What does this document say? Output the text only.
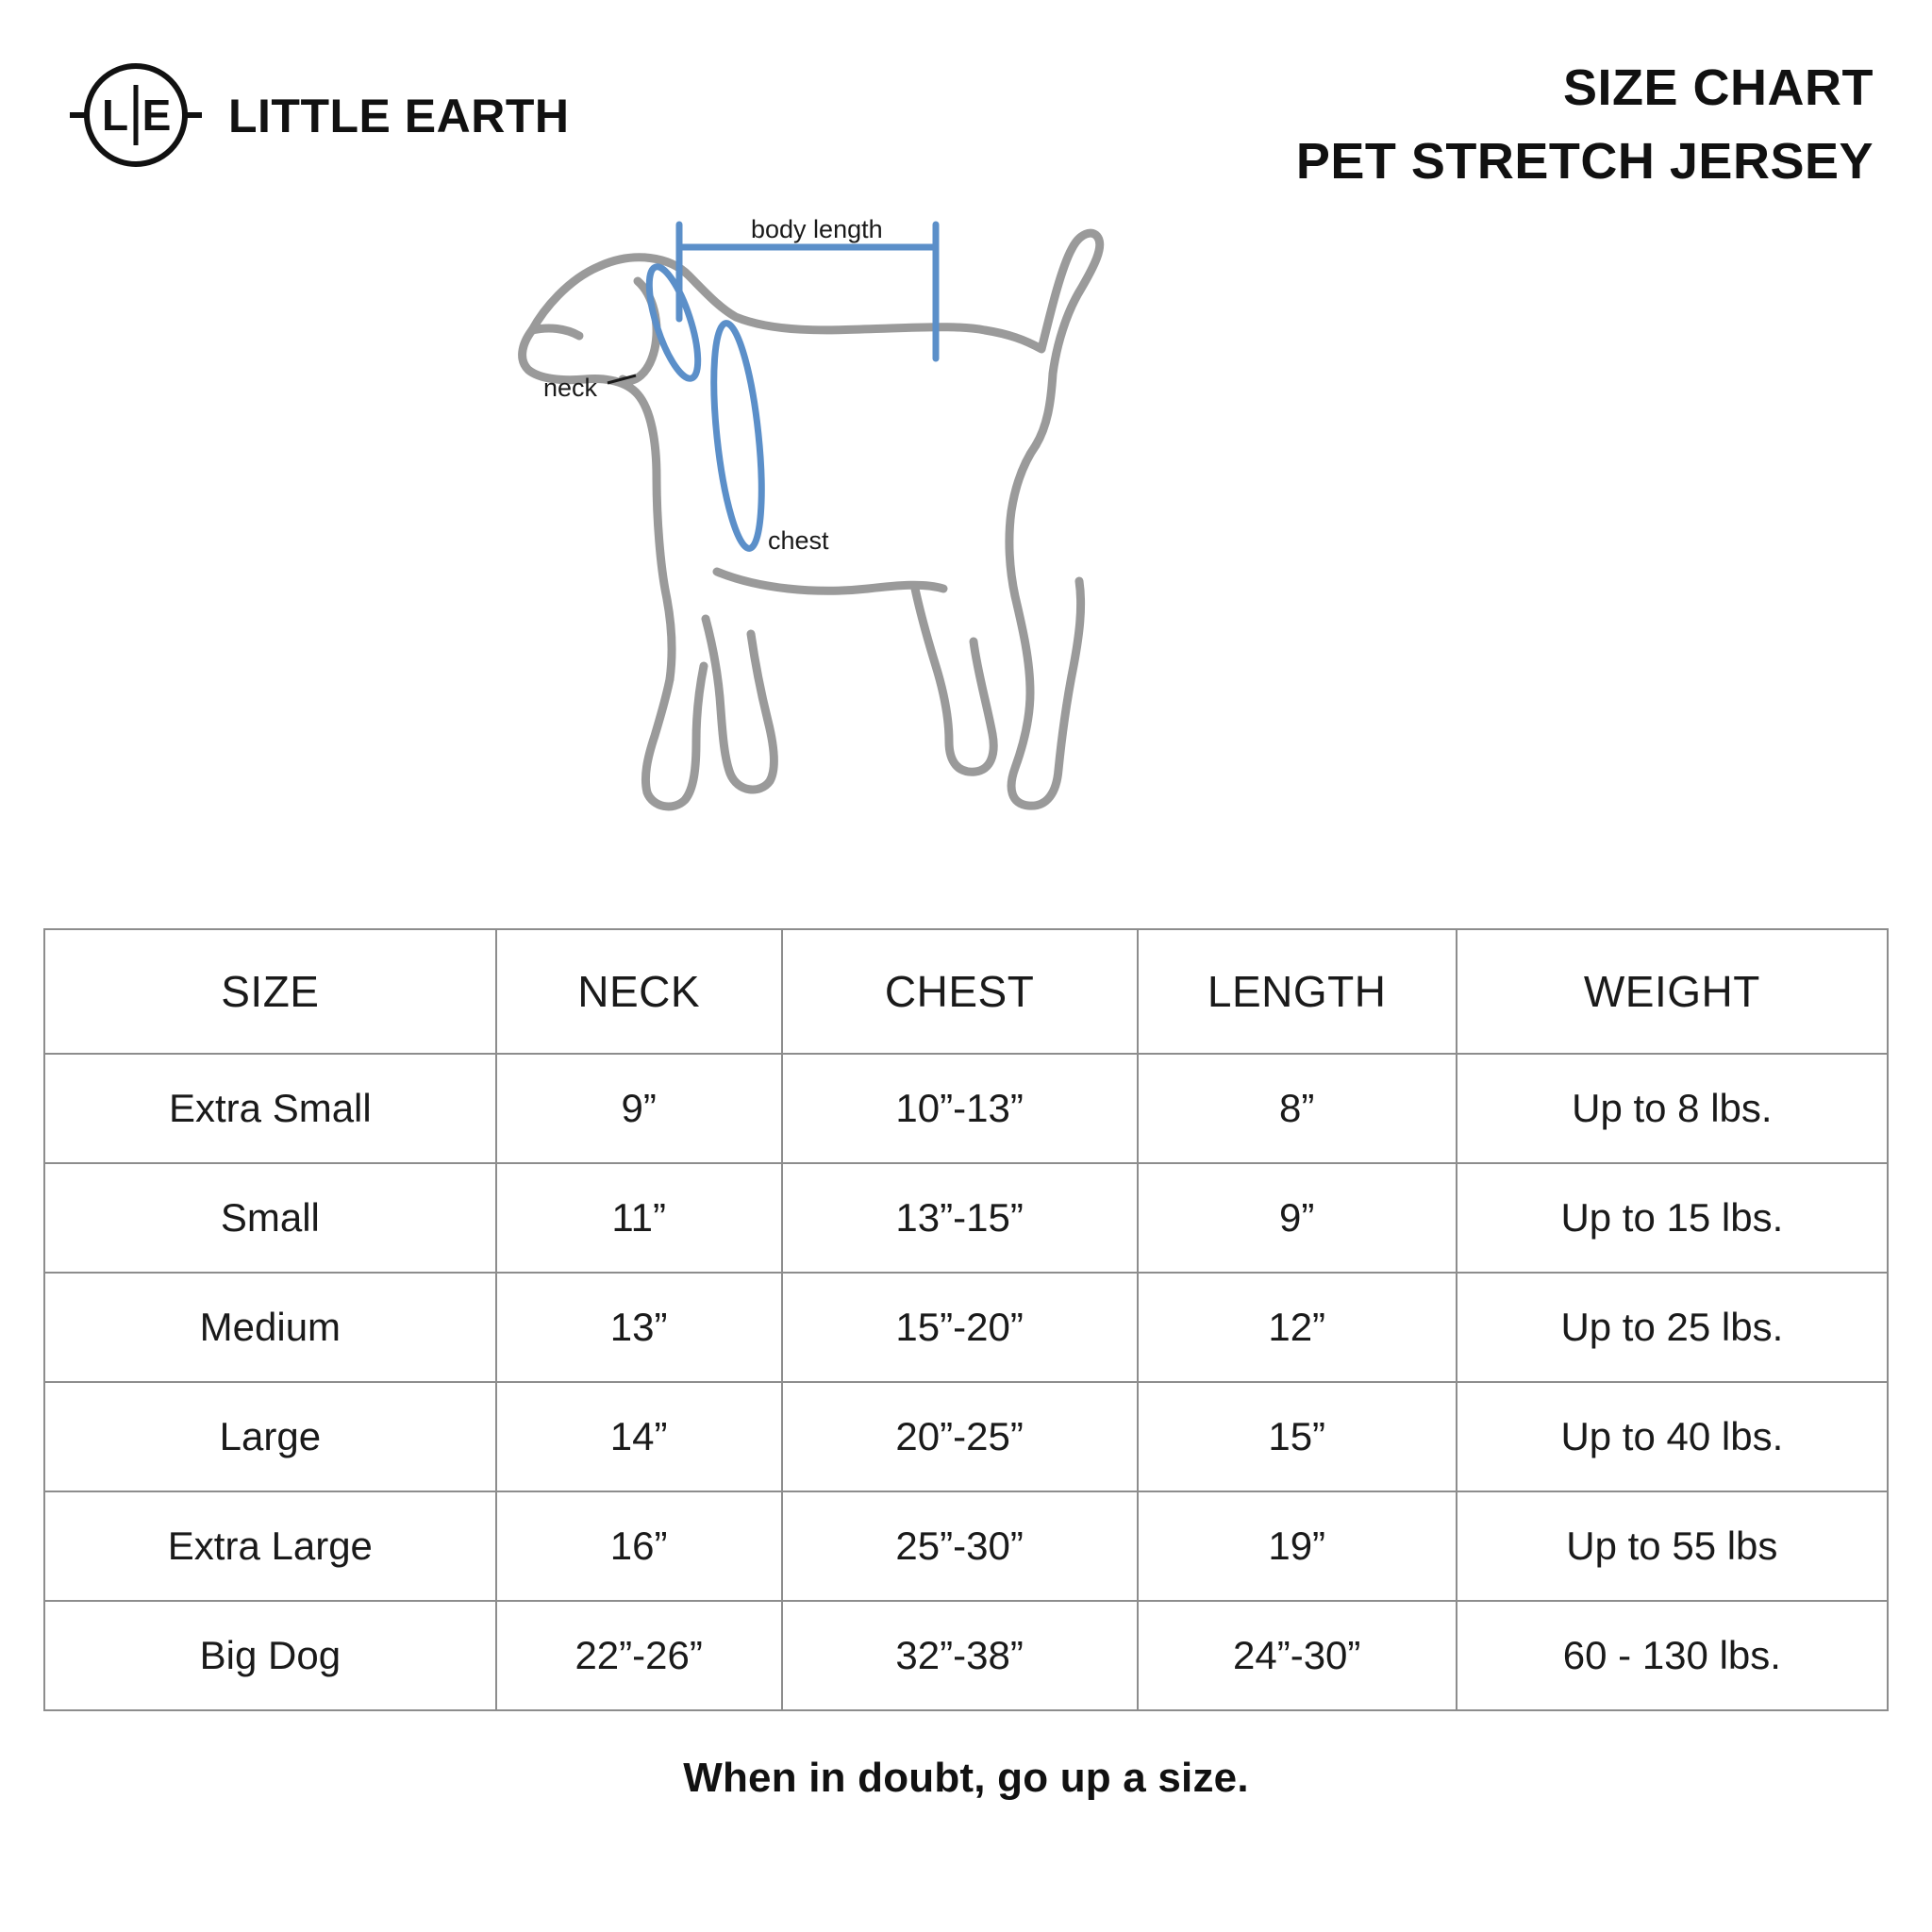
L E LITTLE EARTH	SIZE CHART
PET STRETCH JERSEY
body length
neck
chest
SIZE	NECK	CHEST	LENGTH	WEIGHT
Extra Small	9”	10”-13”	8”	Up to 8 lbs.
Small	11”	13”-15”	9”	Up to 15 lbs.
Medium	13”	15”-20”	12”	Up to 25 lbs.
Large	14”	20”-25”	15”	Up to 40 lbs.
Extra Large	16”	25”-30”	19”	Up to 55 lbs
Big Dog	22”-26”	32”-38”	24”-30”	60 - 130 lbs.
When in doubt, go up a size.
